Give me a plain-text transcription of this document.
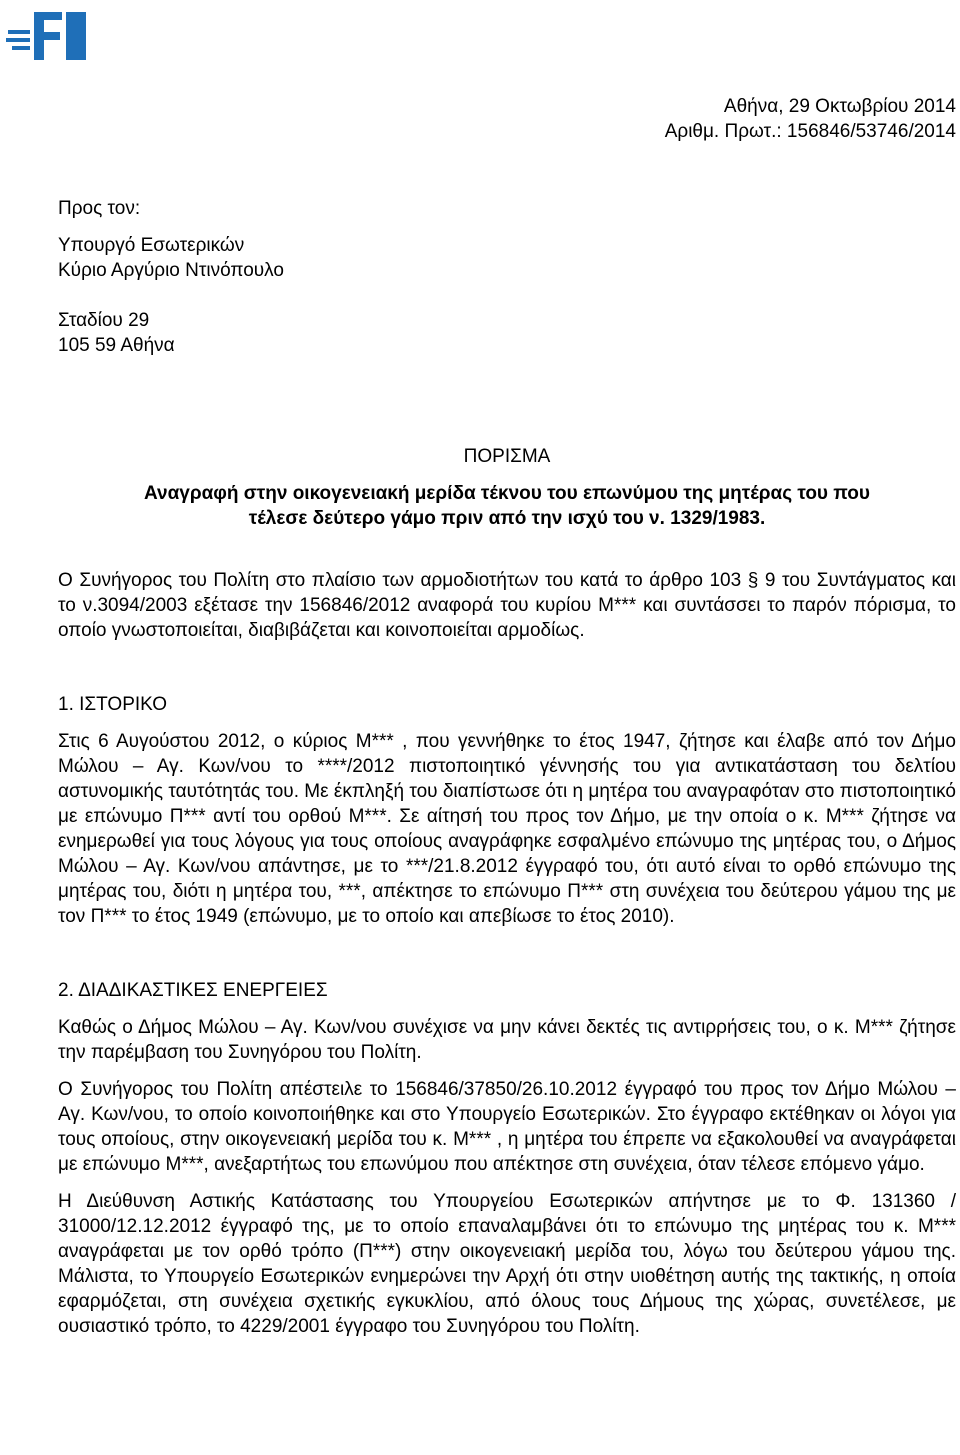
Αθήνα, 29 Οκτωβρίου 2014
Αριθμ. Πρωτ.: 156846/53746/2014
Προς τον:
Υπουργό Εσωτερικών
Κύριο Αργύριο Ντινόπουλο
Σταδίου 29
105 59 Αθήνα
ΠΟΡΙΣΜΑ
Αναγραφή στην οικογενειακή μερίδα τέκνου του επωνύμου της μητέρας του που
τέλεσε δεύτερο γάμο πριν από την ισχύ του ν. 1329/1983.

Ο Συνήγορος του Πολίτη στο πλαίσιο των αρμοδιοτήτων του κατά το άρθρο 103 § 9 του Συντάγματος και το ν.3094/2003 εξέτασε την 156846/2012 αναφορά του κυρίου Μ*** και συντάσσει το παρόν πόρισμα, το οποίο γνωστοποιείται, διαβιβάζεται και κοινοποιείται αρμοδίως.

1. ΙΣΤΟΡΙΚΟ

Στις 6 Αυγούστου 2012, ο κύριος Μ*** , που γεννήθηκε το έτος 1947, ζήτησε και έλαβε από τον Δήμο Μώλου – Αγ. Κων/νου το ****/2012 πιστοποιητικό γέννησής του για αντικατάσταση του δελτίου αστυνομικής ταυτότητάς του. Με έκπληξή του διαπίστωσε ότι η μητέρα του αναγραφόταν στο πιστοποιητικό με επώνυμο Π*** αντί του ορθού Μ***. Σε αίτησή του προς τον Δήμο, με την οποία ο κ. Μ*** ζήτησε να ενημερωθεί για τους λόγους για τους οποίους αναγράφηκε εσφαλμένο επώνυμο της μητέρας του, ο Δήμος Μώλου – Αγ. Κων/νου απάντησε, με το ***/21.8.2012 έγγραφό του, ότι αυτό είναι το ορθό επώνυμο της μητέρας του, διότι η μητέρα του, ***, απέκτησε το επώνυμο Π*** στη συνέχεια του δεύτερου γάμου της με τον Π*** το έτος 1949 (επώνυμο, με το οποίο και απεβίωσε το έτος 2010).

2. ΔΙΑΔΙΚΑΣΤΙΚΕΣ ΕΝΕΡΓΕΙΕΣ

Καθώς ο Δήμος Μώλου – Αγ. Κων/νου συνέχισε να μην κάνει δεκτές τις αντιρρήσεις του, ο κ. Μ*** ζήτησε την παρέμβαση του Συνηγόρου του Πολίτη.

Ο Συνήγορος του Πολίτη απέστειλε το 156846/37850/26.10.2012 έγγραφό του προς τον Δήμο Μώλου – Αγ. Κων/νου, το οποίο κοινοποιήθηκε και στο Υπουργείο Εσωτερικών. Στο έγγραφο εκτέθηκαν οι λόγοι για τους οποίους, στην οικογενειακή μερίδα του κ. Μ*** , η μητέρα του έπρεπε να εξακολουθεί να αναγράφεται με επώνυμο Μ***, ανεξαρτήτως του επωνύμου που απέκτησε στη συνέχεια, όταν τέλεσε επόμενο γάμο.

Η Διεύθυνση Αστικής Κατάστασης του Υπουργείου Εσωτερικών απήντησε με το Φ. 131360 / 31000/12.12.2012 έγγραφό της, με το οποίο επαναλαμβάνει ότι το επώνυμο της μητέρας του κ. Μ*** αναγράφεται με τον ορθό τρόπο (Π***) στην οικογενειακή μερίδα του, λόγω του δεύτερου γάμου της. Μάλιστα, το Υπουργείο Εσωτερικών ενημερώνει την Αρχή ότι στην υιοθέτηση αυτής της τακτικής, η οποία εφαρμόζεται, στη συνέχεια σχετικής εγκυκλίου, από όλους τους Δήμους της χώρας, συνετέλεσε, με ουσιαστικό τρόπο, το 4229/2001 έγγραφο του Συνηγόρου του Πολίτη.
